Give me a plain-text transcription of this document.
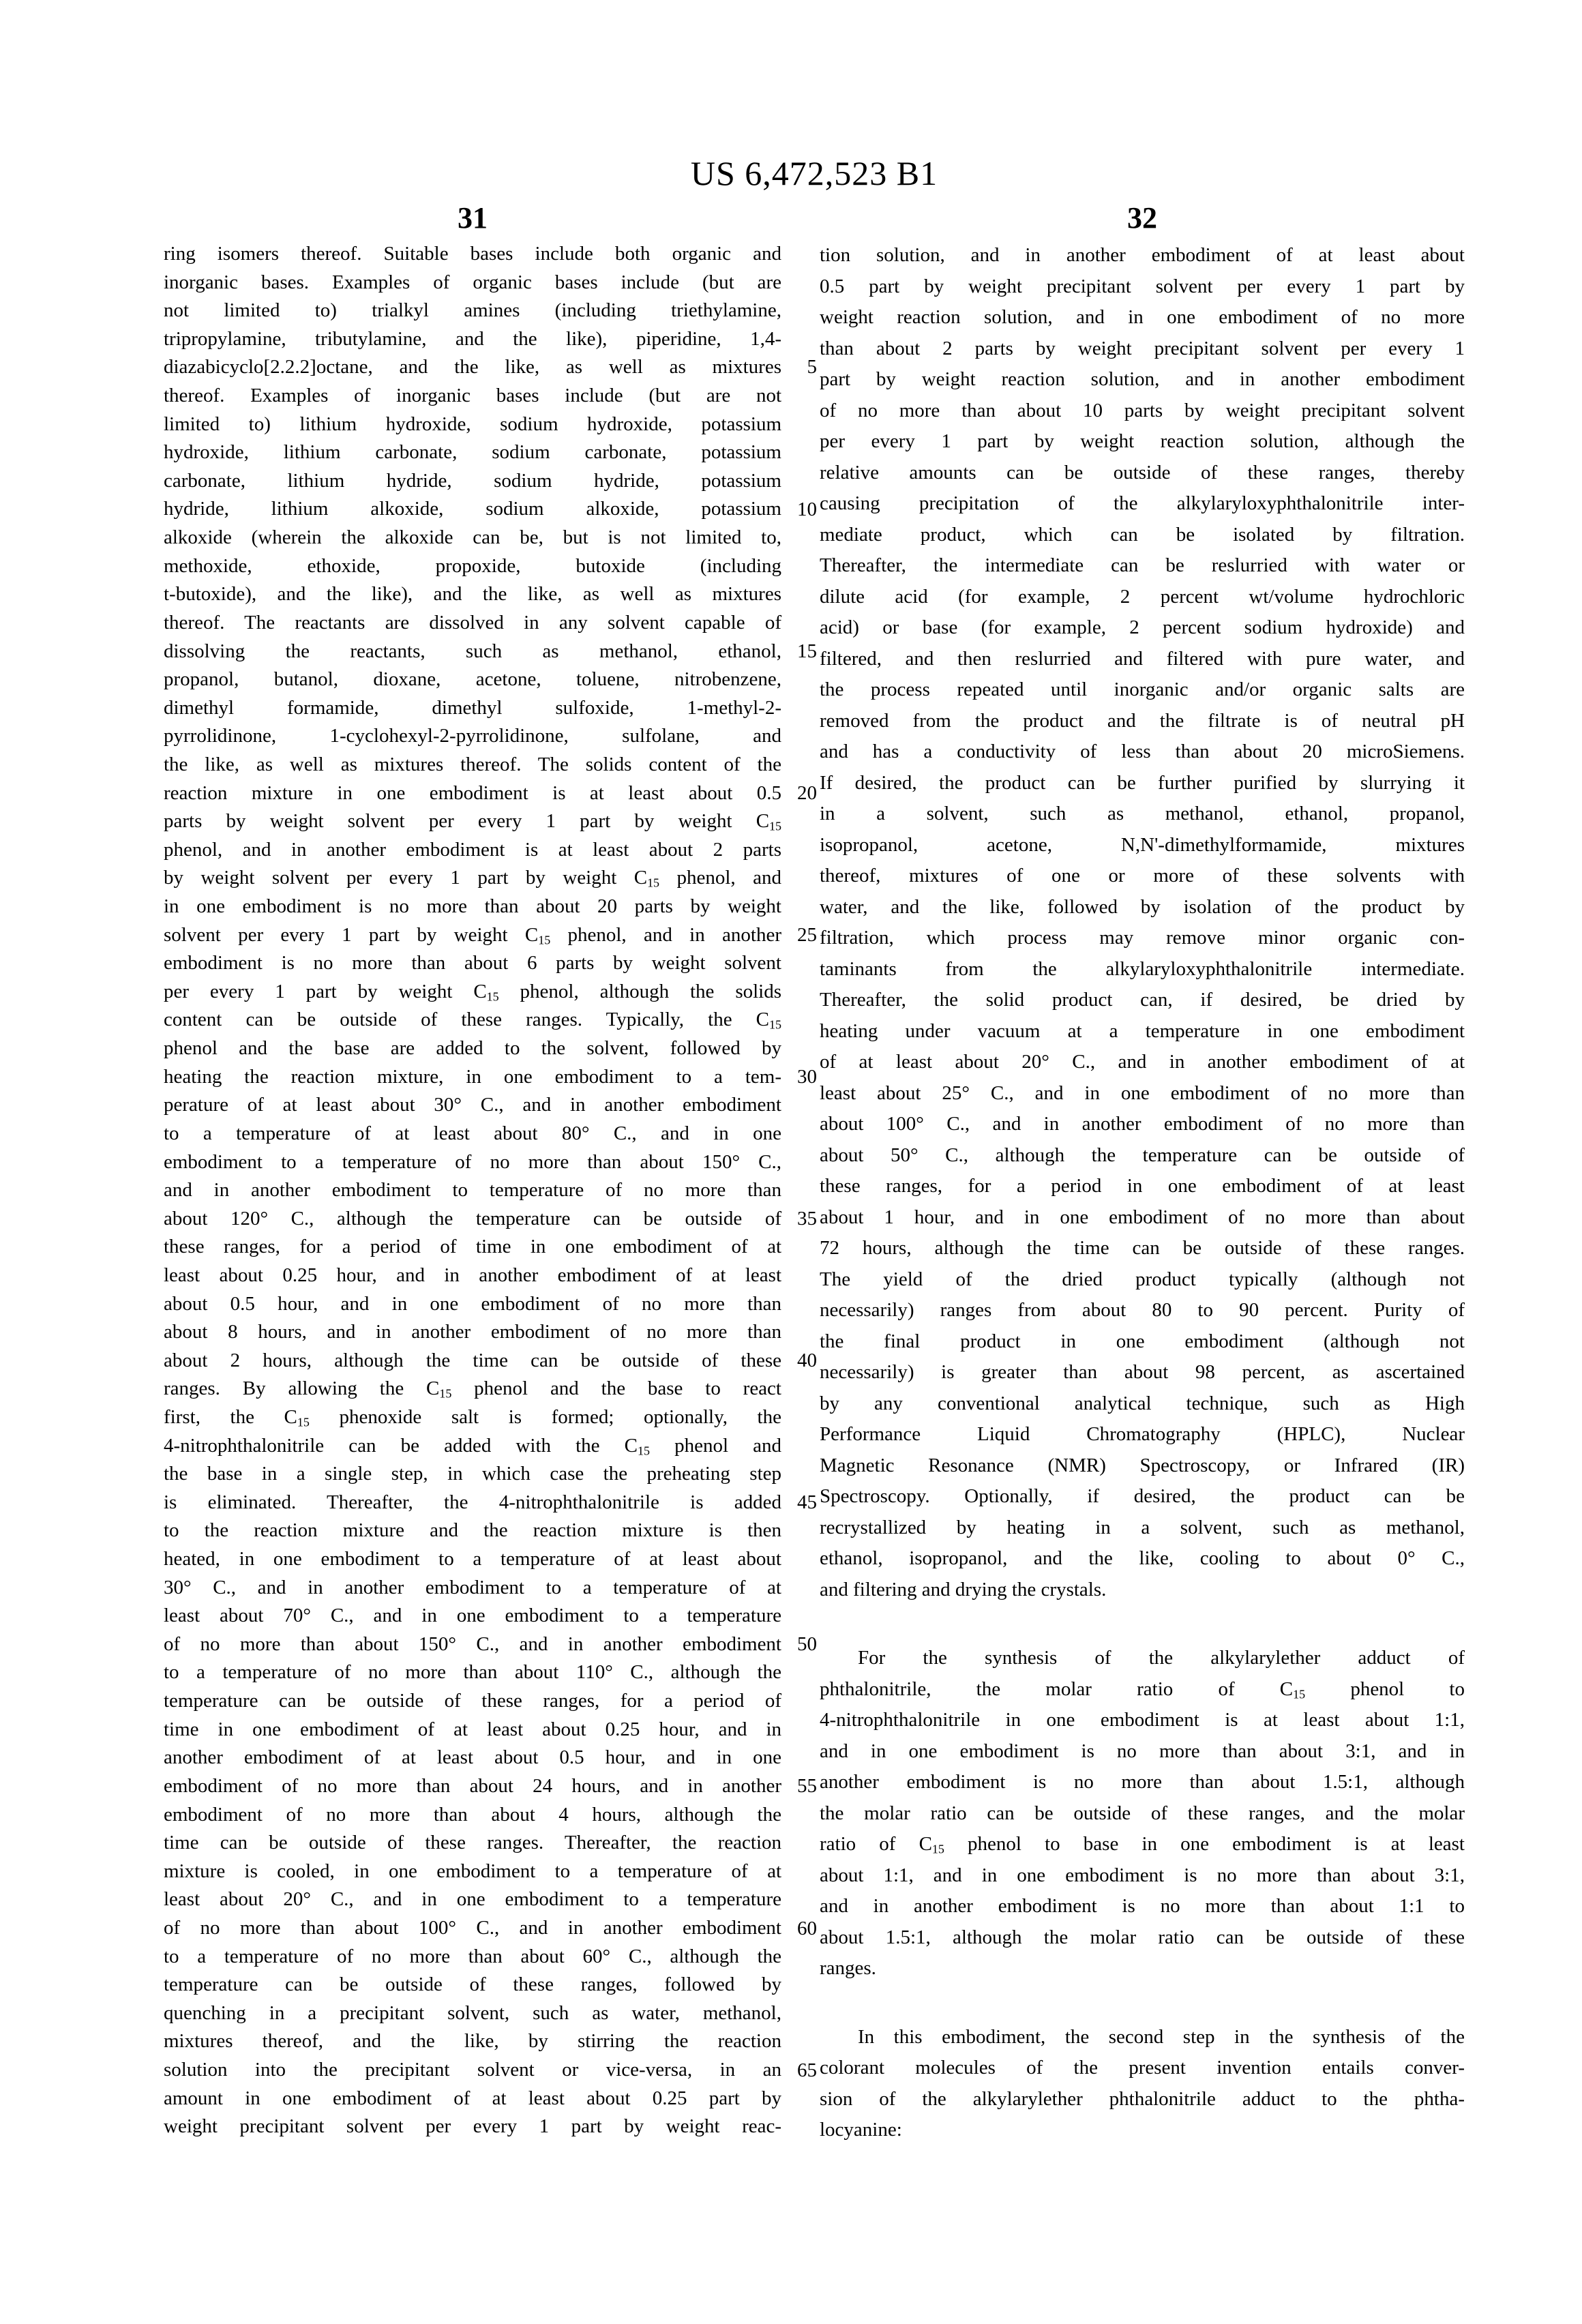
US 6,472,523 B1
31	32
ring isomers thereof. Suitable bases include both organic and
inorganic bases. Examples of organic bases include (but are
not limited to) trialkyl amines (including triethylamine,
tripropylamine, tributylamine, and the like), piperidine, 1,4-
diazabicyclo[2.2.2]octane, and the like, as well as mixtures
thereof. Examples of inorganic bases include (but are not
limited to) lithium hydroxide, sodium hydroxide, potassium
hydroxide, lithium carbonate, sodium carbonate, potassium
carbonate, lithium hydride, sodium hydride, potassium
hydride, lithium alkoxide, sodium alkoxide, potassium
alkoxide (wherein the alkoxide can be, but is not limited to,
methoxide, ethoxide, propoxide, butoxide (including
t-butoxide), and the like), and the like, as well as mixtures
thereof. The reactants are dissolved in any solvent capable of
dissolving the reactants, such as methanol, ethanol,
propanol, butanol, dioxane, acetone, toluene, nitrobenzene,
dimethyl formamide, dimethyl sulfoxide, 1-methyl-2-
pyrrolidinone, 1-cyclohexyl-2-pyrrolidinone, sulfolane, and
the like, as well as mixtures thereof. The solids content of the
reaction mixture in one embodiment is at least about 0.5
parts by weight solvent per every 1 part by weight $C_{15}$
phenol, and in another embodiment is at least about 2 parts
by weight solvent per every 1 part by weight $C_{15}$ phenol, and
in one embodiment is no more than about 20 parts by weight
solvent per every 1 part by weight $C_{15}$ phenol, and in another
embodiment is no more than about 6 parts by weight solvent
per every 1 part by weight $C_{15}$ phenol, although the solids
content can be outside of these ranges. Typically, the $C_{15}$
phenol and the base are added to the solvent, followed by
heating the reaction mixture, in one embodiment to a tem-
perature of at least about 30° C., and in another embodiment
to a temperature of at least about 80° C., and in one
embodiment to a temperature of no more than about 150° C.,
and in another embodiment to temperature of no more than
about 120° C., although the temperature can be outside of
these ranges, for a period of time in one embodiment of at
least about 0.25 hour, and in another embodiment of at least
about 0.5 hour, and in one embodiment of no more than
about 8 hours, and in another embodiment of no more than
about 2 hours, although the time can be outside of these
ranges. By allowing the $C_{15}$ phenol and the base to react
first, the $C_{15}$ phenoxide salt is formed; optionally, the
4-nitrophthalonitrile can be added with the $C_{15}$ phenol and
the base in a single step, in which case the preheating step
is eliminated. Thereafter, the 4-nitrophthalonitrile is added
to the reaction mixture and the reaction mixture is then
heated, in one embodiment to a temperature of at least about
30° C., and in another embodiment to a temperature of at
least about 70° C., and in one embodiment to a temperature
of no more than about 150° C., and in another embodiment
to a temperature of no more than about 110° C., although the
temperature can be outside of these ranges, for a period of
time in one embodiment of at least about 0.25 hour, and in
another embodiment of at least about 0.5 hour, and in one
embodiment of no more than about 24 hours, and in another
embodiment of no more than about 4 hours, although the
time can be outside of these ranges. Thereafter, the reaction
mixture is cooled, in one embodiment to a temperature of at
least about 20° C., and in one embodiment to a temperature
of no more than about 100° C., and in another embodiment
to a temperature of no more than about 60° C., although the
temperature can be outside of these ranges, followed by
quenching in a precipitant solvent, such as water, methanol,
mixtures thereof, and the like, by stirring the reaction
solution into the precipitant solvent or vice-versa, in an
amount in one embodiment of at least about 0.25 part by
weight precipitant solvent per every 1 part by weight reac-
5
10
15
20
25
30
35
40
45
50
55
60
65
tion solution, and in another embodiment of at least about
0.5 part by weight precipitant solvent per every 1 part by
weight reaction solution, and in one embodiment of no more
than about 2 parts by weight precipitant solvent per every 1
part by weight reaction solution, and in another embodiment
of no more than about 10 parts by weight precipitant solvent
per every 1 part by weight reaction solution, although the
relative amounts can be outside of these ranges, thereby
causing precipitation of the alkylaryloxyphthalonitrile inter-
mediate product, which can be isolated by filtration.
Thereafter, the intermediate can be reslurried with water or
dilute acid (for example, 2 percent wt/volume hydrochloric
acid) or base (for example, 2 percent sodium hydroxide) and
filtered, and then reslurried and filtered with pure water, and
the process repeated until inorganic and/or organic salts are
removed from the product and the filtrate is of neutral pH
and has a conductivity of less than about 20 microSiemens.
If desired, the product can be further purified by slurrying it
in a solvent, such as methanol, ethanol, propanol,
isopropanol, acetone, N,N'-dimethylformamide, mixtures
thereof, mixtures of one or more of these solvents with
water, and the like, followed by isolation of the product by
filtration, which process may remove minor organic con-
taminants from the alkylaryloxyphthalonitrile intermediate.
Thereafter, the solid product can, if desired, be dried by
heating under vacuum at a temperature in one embodiment
of at least about 20° C., and in another embodiment of at
least about 25° C., and in one embodiment of no more than
about 100° C., and in another embodiment of no more than
about 50° C., although the temperature can be outside of
these ranges, for a period in one embodiment of at least
about 1 hour, and in one embodiment of no more than about
72 hours, although the time can be outside of these ranges.
The yield of the dried product typically (although not
necessarily) ranges from about 80 to 90 percent. Purity of
the final product in one embodiment (although not
necessarily) is greater than about 98 percent, as ascertained
by any conventional analytical technique, such as High
Performance Liquid Chromatography (HPLC), Nuclear
Magnetic Resonance (NMR) Spectroscopy, or Infrared (IR)
Spectroscopy. Optionally, if desired, the product can be
recrystallized by heating in a solvent, such as methanol,
ethanol, isopropanol, and the like, cooling to about 0° C.,
and filtering and drying the crystals.
For the synthesis of the alkylarylether adduct of
phthalonitrile, the molar ratio of $C_{15}$ phenol to
4-nitrophthalonitrile in one embodiment is at least about 1:1,
and in one embodiment is no more than about 3:1, and in
another embodiment is no more than about 1.5:1, although
the molar ratio can be outside of these ranges, and the molar
ratio of $C_{15}$ phenol to base in one embodiment is at least
about 1:1, and in one embodiment is no more than about 3:1,
and in another embodiment is no more than about 1:1 to
about 1.5:1, although the molar ratio can be outside of these
ranges.
In this embodiment, the second step in the synthesis of the
colorant molecules of the present invention entails conver-
sion of the alkylarylether phthalonitrile adduct to the phtha-
locyanine:
